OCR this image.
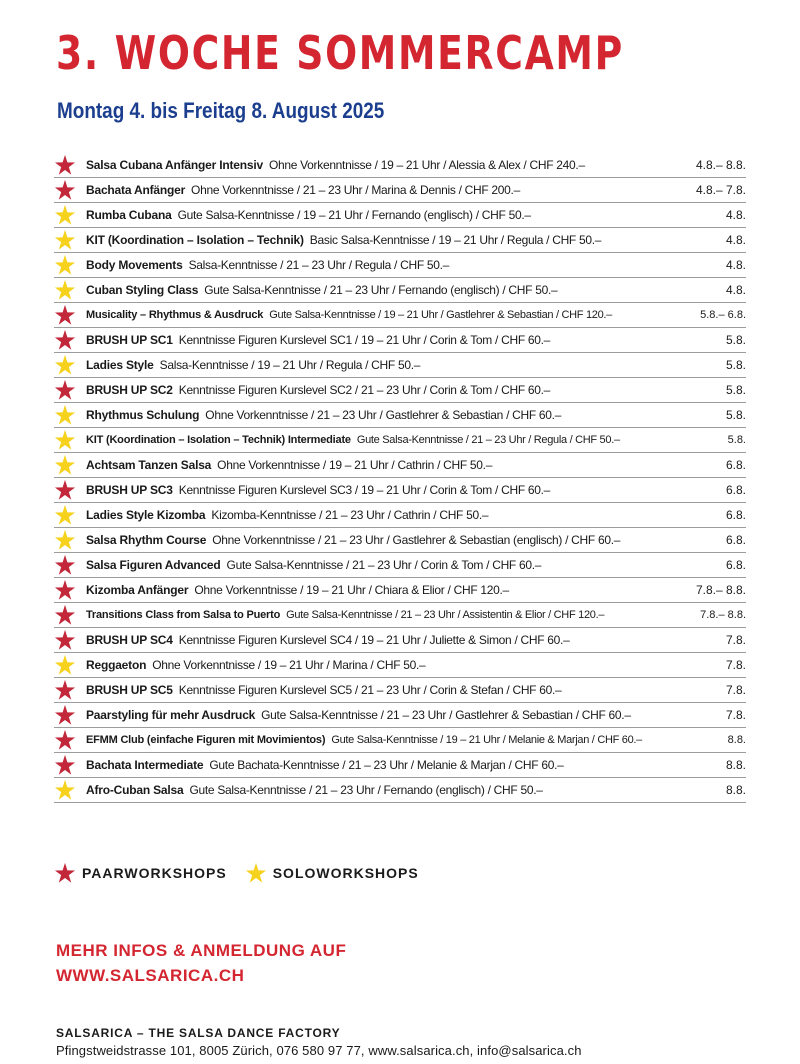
3. WOCHE SOMMERCAMP
Montag 4. bis Freitag 8. August 2025
Salsa Cubana Anfänger Intensiv Ohne Vorkenntnisse / 19 – 21 Uhr / Alessia & Alex / CHF 240.–	4.8.– 8.8.
Bachata Anfänger Ohne Vorkenntnisse / 21 – 23 Uhr / Marina & Dennis / CHF 200.–	4.8.– 7.8.
Rumba Cubana Gute Salsa-Kenntnisse / 19 – 21 Uhr / Fernando (englisch) / CHF 50.–	4.8.
KIT (Koordination – Isolation – Technik) Basic Salsa-Kenntnisse / 19 – 21 Uhr / Regula / CHF 50.–	4.8.
Body Movements Salsa-Kenntnisse / 21 – 23 Uhr / Regula / CHF 50.–	4.8.
Cuban Styling Class Gute Salsa-Kenntnisse / 21 – 23 Uhr / Fernando (englisch) / CHF 50.–	4.8.
Musicality – Rhythmus & Ausdruck Gute Salsa-Kenntnisse / 19 – 21 Uhr / Gastlehrer & Sebastian / CHF 120.–	5.8.– 6.8.
BRUSH UP SC1 Kenntnisse Figuren Kurslevel SC1 / 19 – 21 Uhr / Corin & Tom / CHF 60.–	5.8.
Ladies Style Salsa-Kenntnisse / 19 – 21 Uhr / Regula / CHF 50.–	5.8.
BRUSH UP SC2 Kenntnisse Figuren Kurslevel SC2 / 21 – 23 Uhr / Corin & Tom / CHF 60.–	5.8.
Rhythmus Schulung Ohne Vorkenntnisse / 21 – 23 Uhr / Gastlehrer & Sebastian / CHF 60.–	5.8.
KIT (Koordination – Isolation – Technik) Intermediate Gute Salsa-Kenntnisse / 21 – 23 Uhr / Regula / CHF 50.–	5.8.
Achtsam Tanzen Salsa Ohne Vorkenntnisse / 19 – 21 Uhr / Cathrin / CHF 50.–	6.8.
BRUSH UP SC3 Kenntnisse Figuren Kurslevel SC3 / 19 – 21 Uhr / Corin & Tom / CHF 60.–	6.8.
Ladies Style Kizomba Kizomba-Kenntnisse / 21 – 23 Uhr / Cathrin / CHF 50.–	6.8.
Salsa Rhythm Course Ohne Vorkenntnisse / 21 – 23 Uhr / Gastlehrer & Sebastian (englisch) / CHF 60.–	6.8.
Salsa Figuren Advanced Gute Salsa-Kenntnisse / 21 – 23 Uhr / Corin & Tom / CHF 60.–	6.8.
Kizomba Anfänger Ohne Vorkenntnisse / 19 – 21 Uhr / Chiara & Elior / CHF 120.–	7.8.– 8.8.
Transitions Class from Salsa to Puerto Gute Salsa-Kenntnisse / 21 – 23 Uhr / Assistentin & Elior / CHF 120.–	7.8.– 8.8.
BRUSH UP SC4 Kenntnisse Figuren Kurslevel SC4 / 19 – 21 Uhr / Juliette & Simon / CHF 60.–	7.8.
Reggaeton Ohne Vorkenntnisse / 19 – 21 Uhr / Marina / CHF 50.–	7.8.
BRUSH UP SC5 Kenntnisse Figuren Kurslevel SC5 / 21 – 23 Uhr / Corin & Stefan / CHF 60.–	7.8.
Paarstyling für mehr Ausdruck Gute Salsa-Kenntnisse / 21 – 23 Uhr / Gastlehrer & Sebastian / CHF 60.–	7.8.
EFMM Club (einfache Figuren mit Movimientos) Gute Salsa-Kenntnisse / 19 – 21 Uhr / Melanie & Marjan / CHF 60.–	8.8.
Bachata Intermediate Gute Bachata-Kenntnisse / 21 – 23 Uhr / Melanie & Marjan / CHF 60.–	8.8.
Afro-Cuban Salsa Gute Salsa-Kenntnisse / 21 – 23 Uhr / Fernando (englisch) / CHF 50.–	8.8.
PAARWORKSHOPS	SOLOWORKSHOPS
MEHR INFOS & ANMELDUNG AUF
WWW.SALSARICA.CH
SALSARICA – THE SALSA DANCE FACTORY
Pfingstweidstrasse 101, 8005 Zürich, 076 580 97 77, www.salsarica.ch, info@salsarica.ch
